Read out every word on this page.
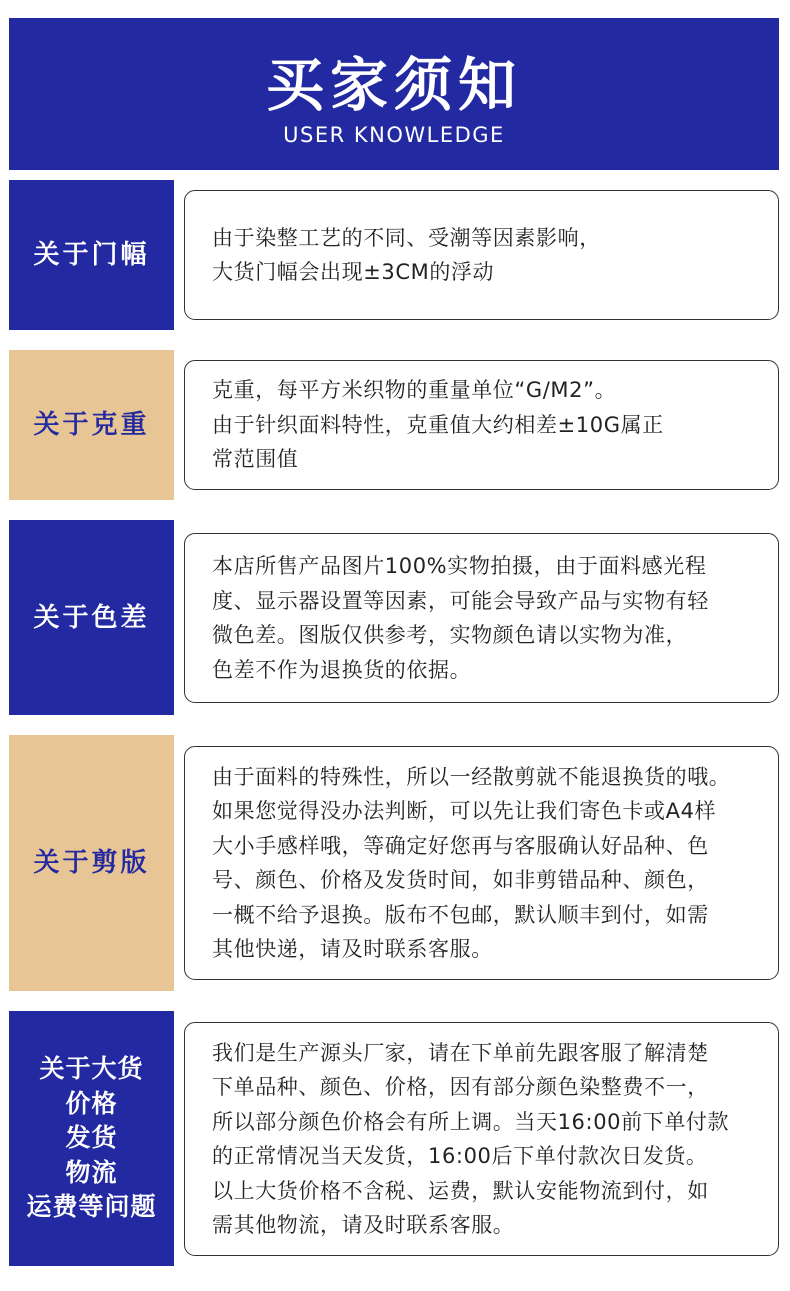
买家须知
USER KNOWLEDGE
关于门幅
由于染整工艺的不同、受潮等因素影响，
大货门幅会出现±3CM的浮动
关于克重
克重，每平方米织物的重量单位“G/M2”。
由于针织面料特性，克重值大约相差±10G属正
常范围值
关于色差
本店所售产品图片100%实物拍摄，由于面料感光程
度、显示器设置等因素，可能会导致产品与实物有轻
微色差。图版仅供参考，实物颜色请以实物为准，
色差不作为退换货的依据。
关于剪版
由于面料的特殊性，所以一经散剪就不能退换货的哦。
如果您觉得没办法判断，可以先让我们寄色卡或A4样
大小手感样哦，等确定好您再与客服确认好品种、色
号、颜色、价格及发货时间，如非剪错品种、颜色，
一概不给予退换。版布不包邮，默认顺丰到付，如需
其他快递，请及时联系客服。
关于大货
价格
发货
物流
运费等问题
我们是生产源头厂家，请在下单前先跟客服了解清楚
下单品种、颜色、价格，因有部分颜色染整费不一，
所以部分颜色价格会有所上调。当天16:00前下单付款
的正常情况当天发货，16:00后下单付款次日发货。
以上大货价格不含税、运费，默认安能物流到付，如
需其他物流，请及时联系客服。
